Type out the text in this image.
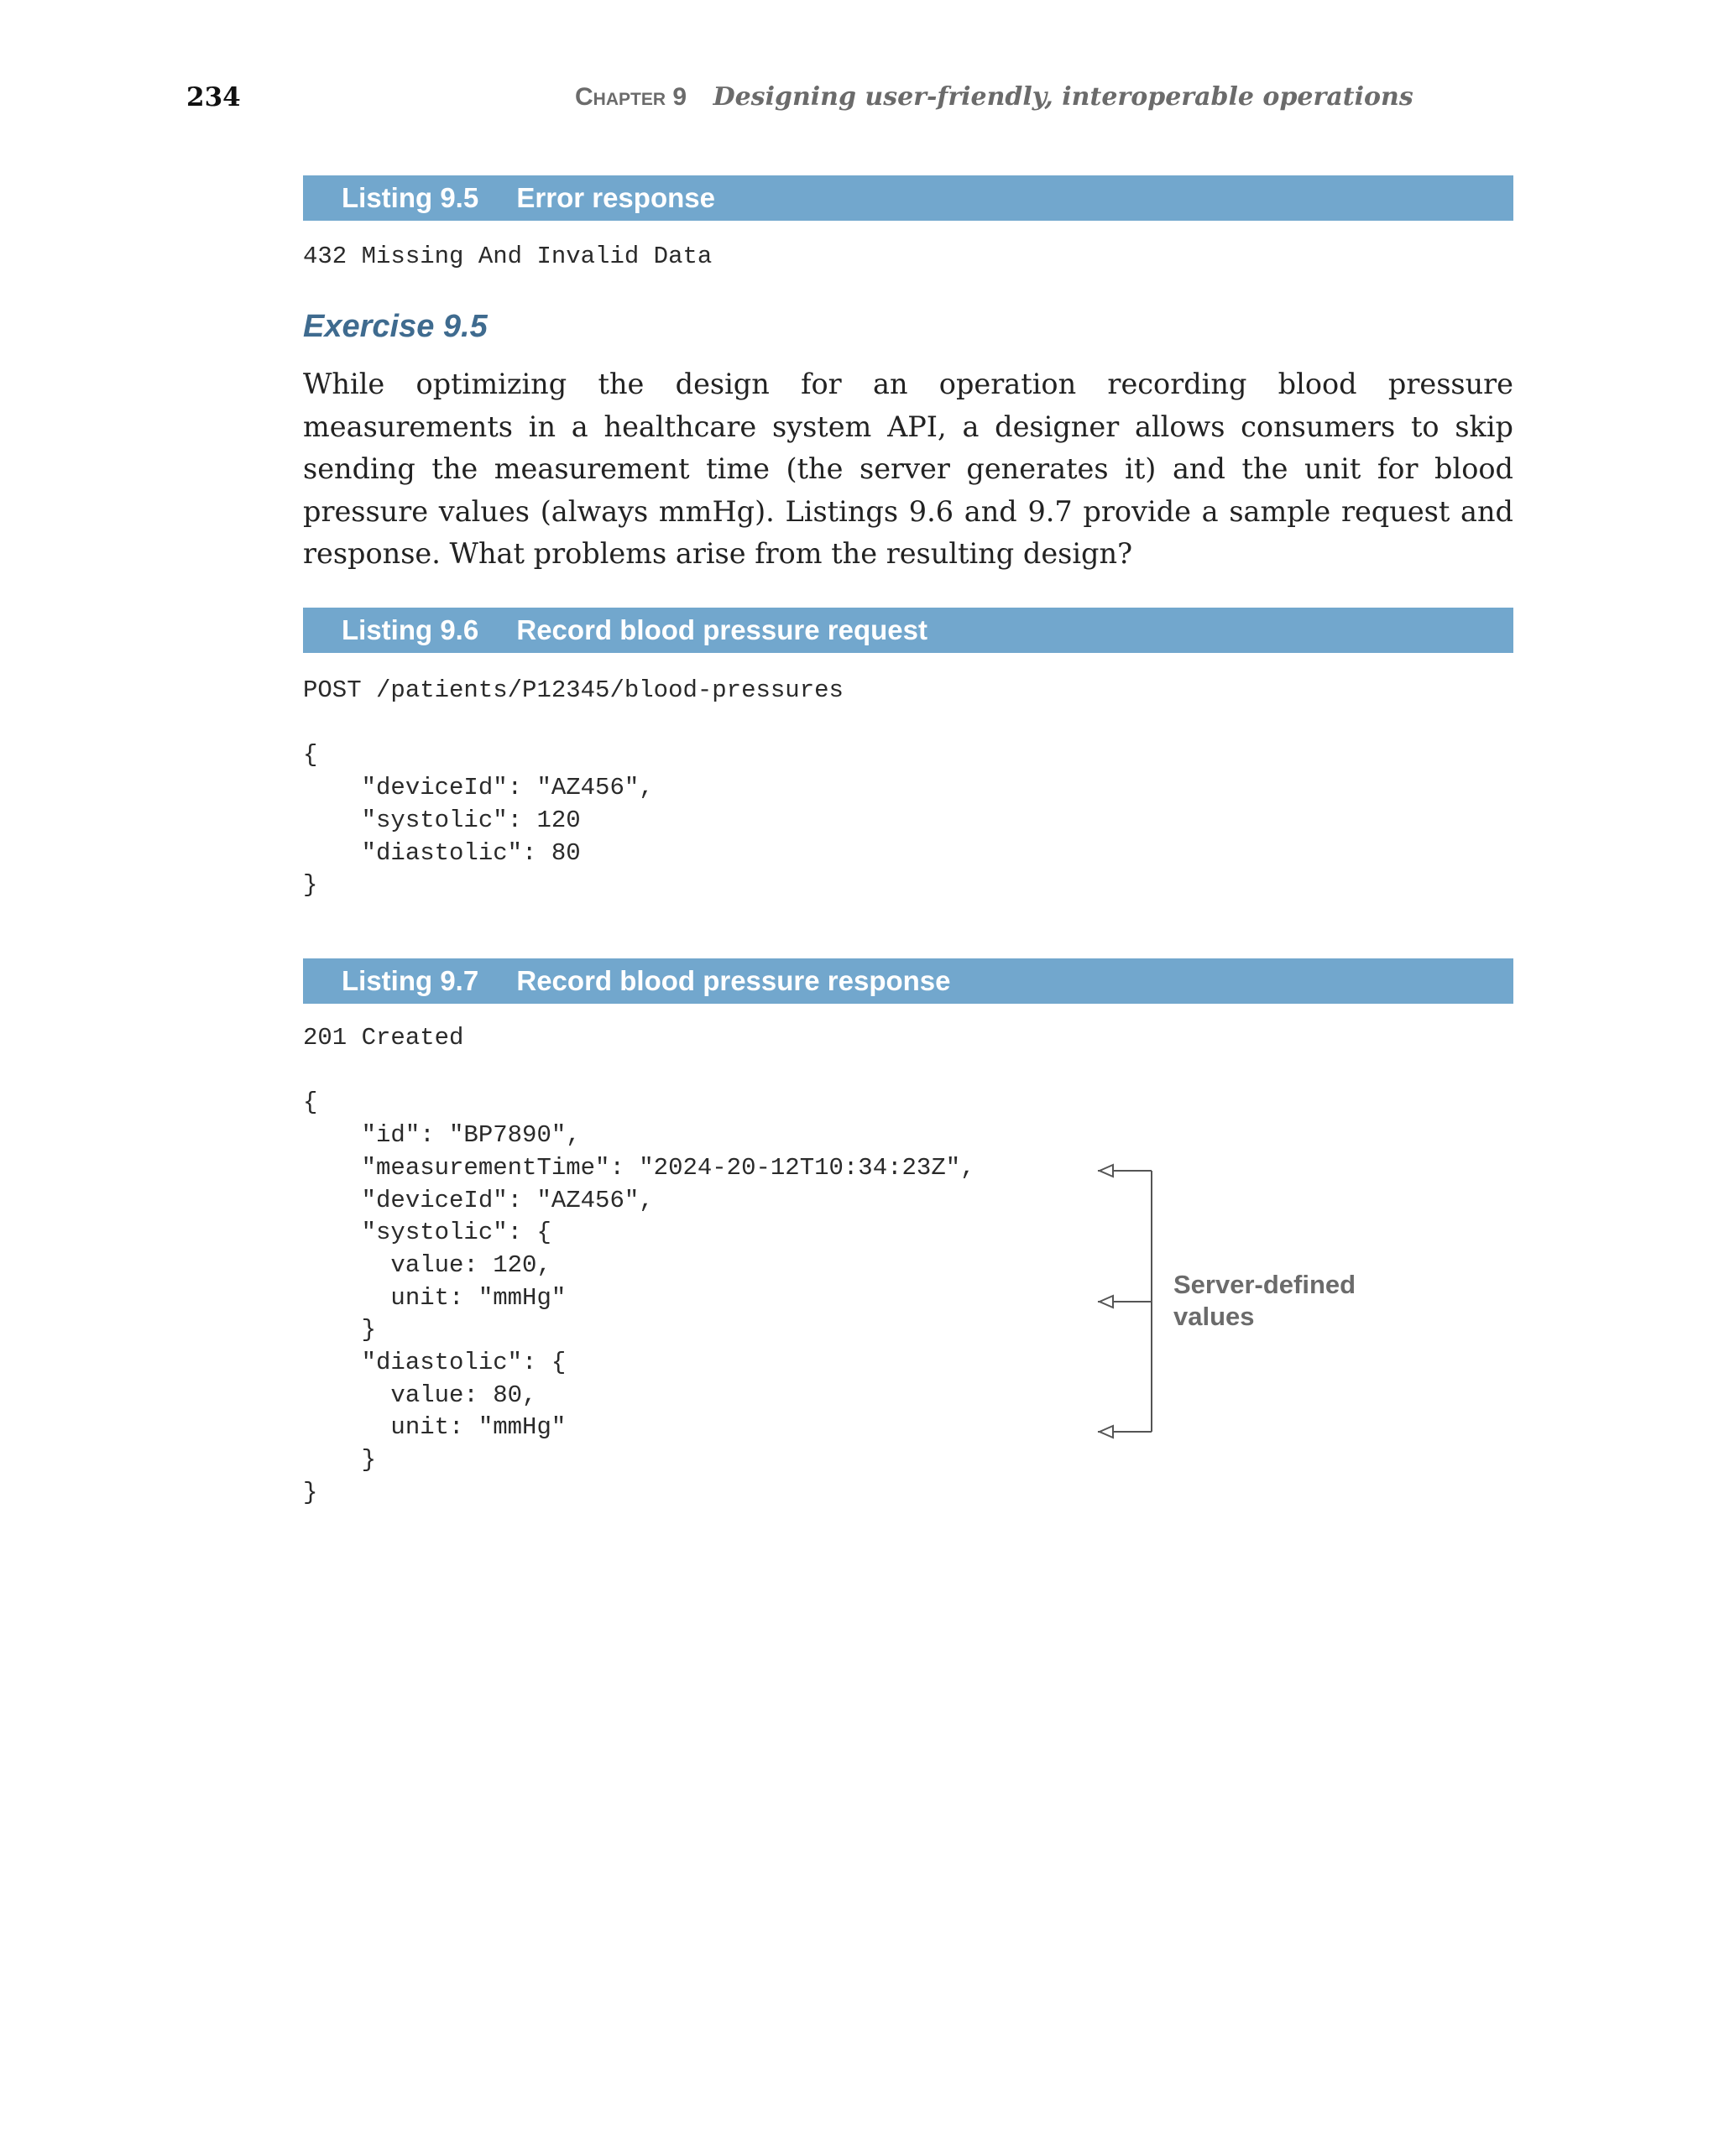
234	Chapter 9 Designing user-friendly, interoperable operations
Listing 9.5 Error response
432 Missing And Invalid Data
Exercise 9.5

While optimizing the design for an operation recording blood pressure measurements in a healthcare system API, a designer allows consumers to skip sending the measurement time (the server generates it) and the unit for blood pressure values (always mmHg). Listings 9.6 and 9.7 provide a sample request and response. What problems arise from the resulting design?

Listing 9.6 Record blood pressure request
POST /patients/P12345/blood-pressures

{
"deviceId": "AZ456",
"systolic": 120
"diastolic": 80
}
Listing 9.7 Record blood pressure response
201 Created

{
"id": "BP7890",
"measurementTime": "2024-20-12T10:34:23Z",
"deviceId": "AZ456",
"systolic": {
value: 120,
unit: "mmHg"
}
"diastolic": {
value: 80,
unit: "mmHg"
}
}
Server-defined
values
